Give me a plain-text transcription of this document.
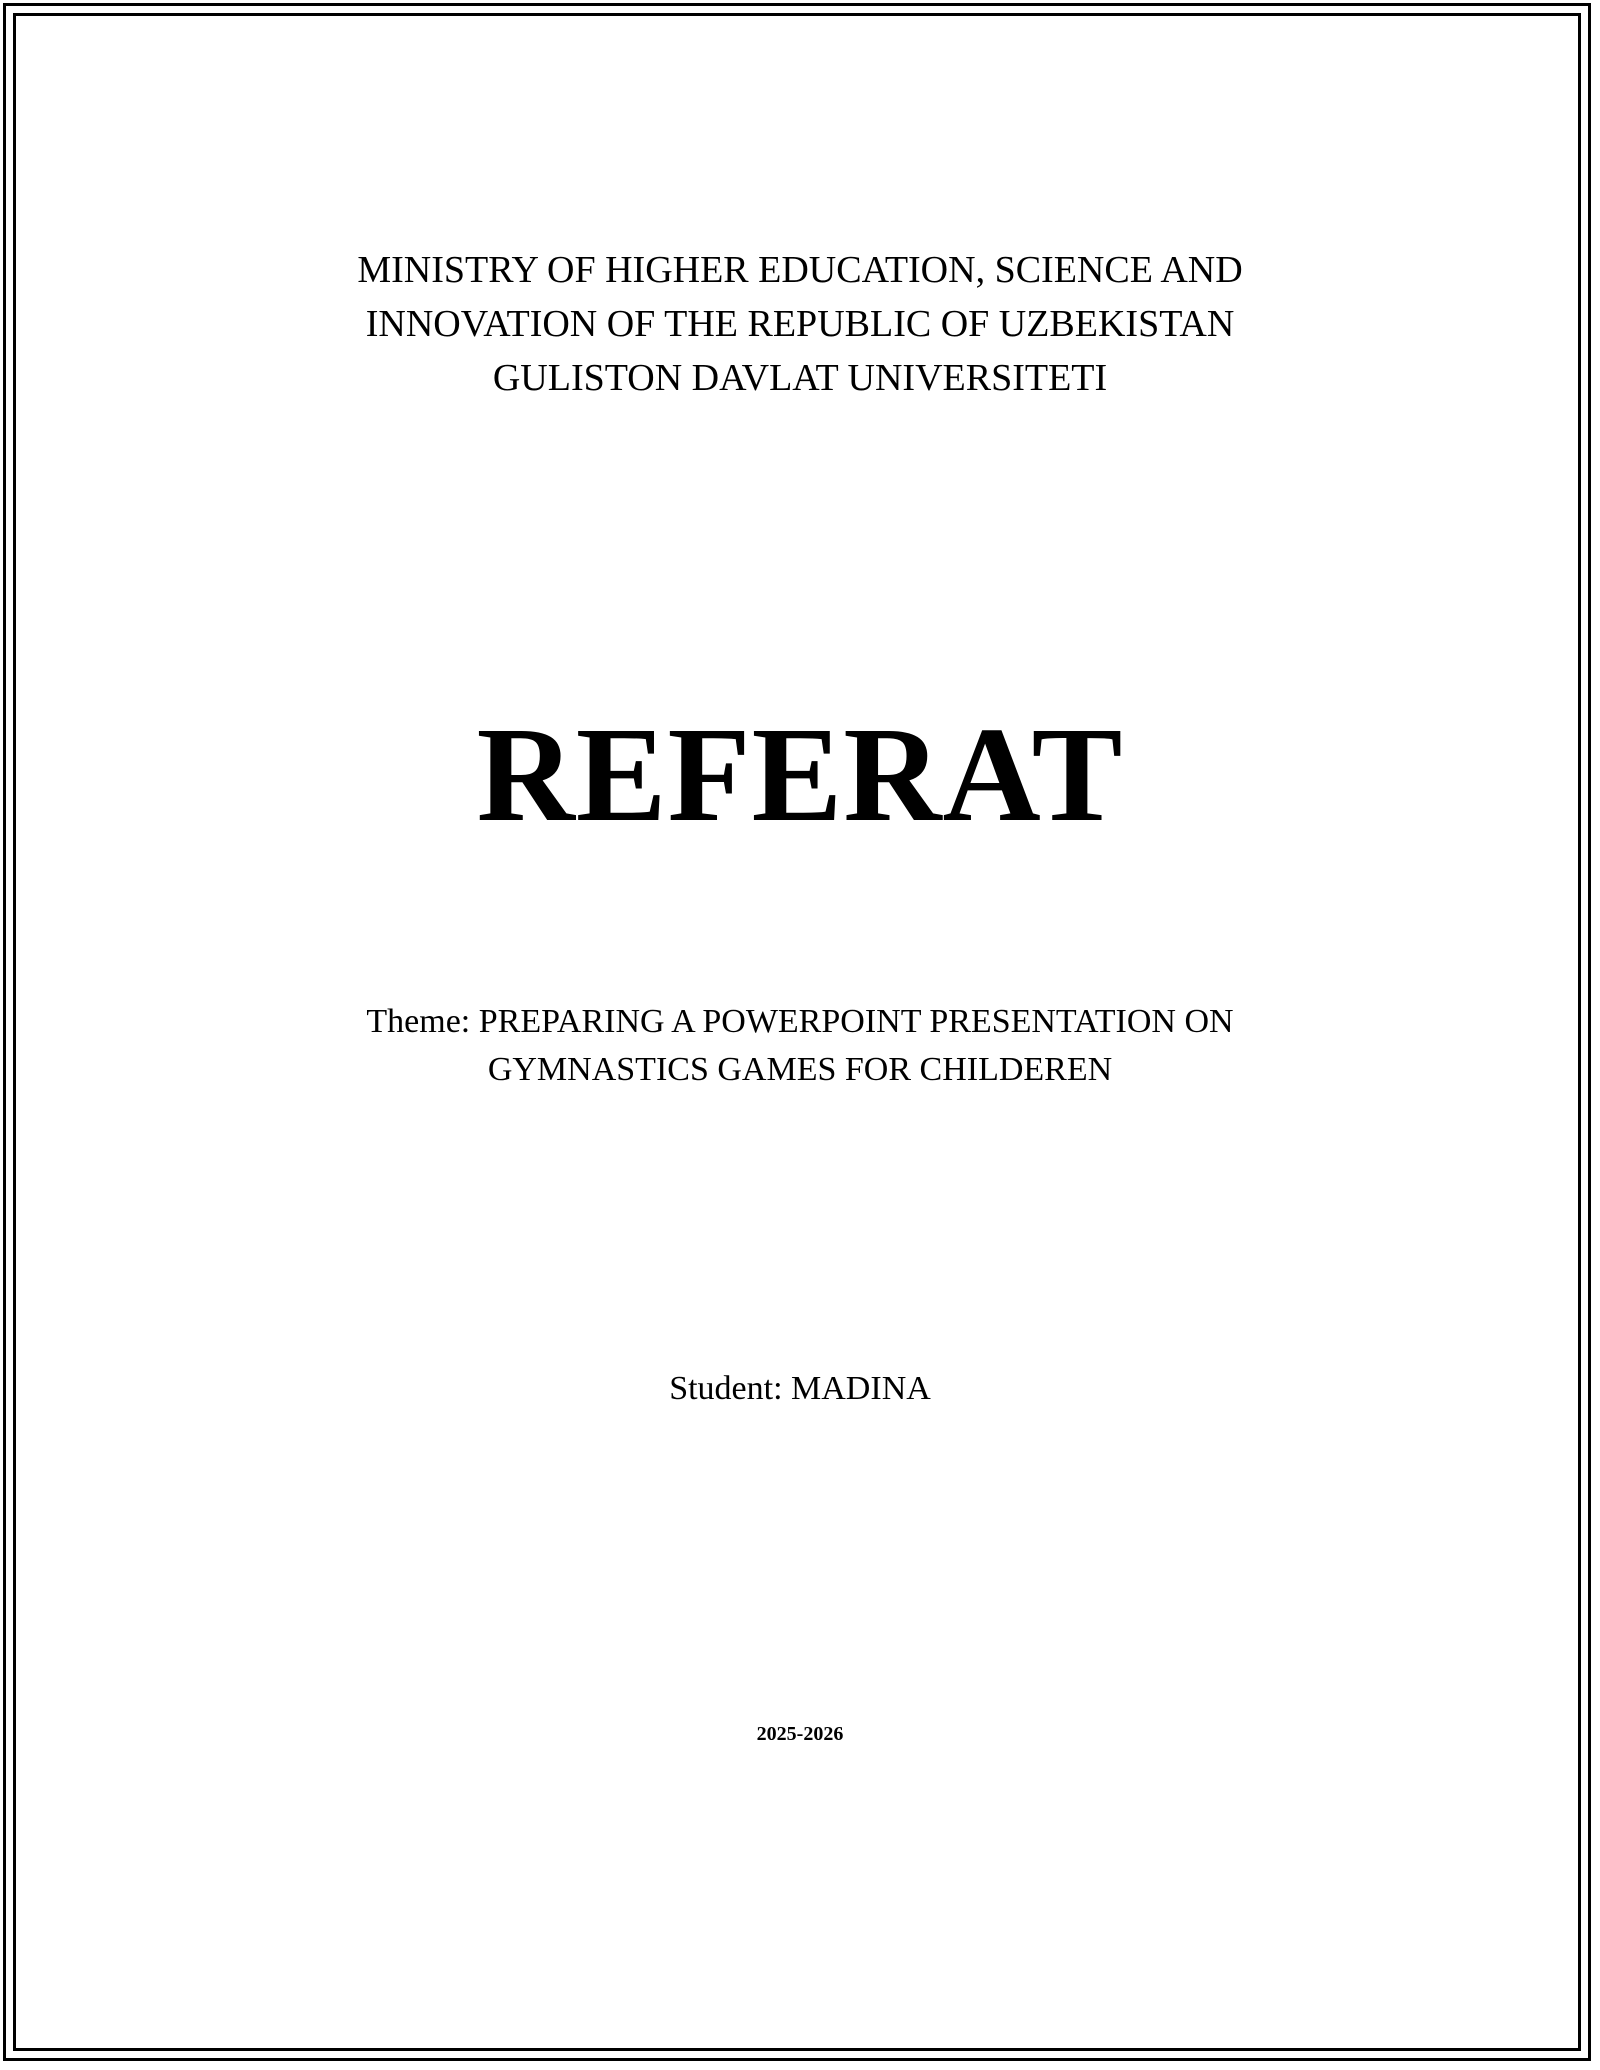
MINISTRY OF HIGHER EDUCATION, SCIENCE AND
INNOVATION OF THE REPUBLIC OF UZBEKISTAN
GULISTON DAVLAT UNIVERSITETI
REFERAT
Theme: PREPARING A POWERPOINT PRESENTATION ON
GYMNASTICS GAMES FOR CHILDEREN
Student: MADINA
2025-2026
